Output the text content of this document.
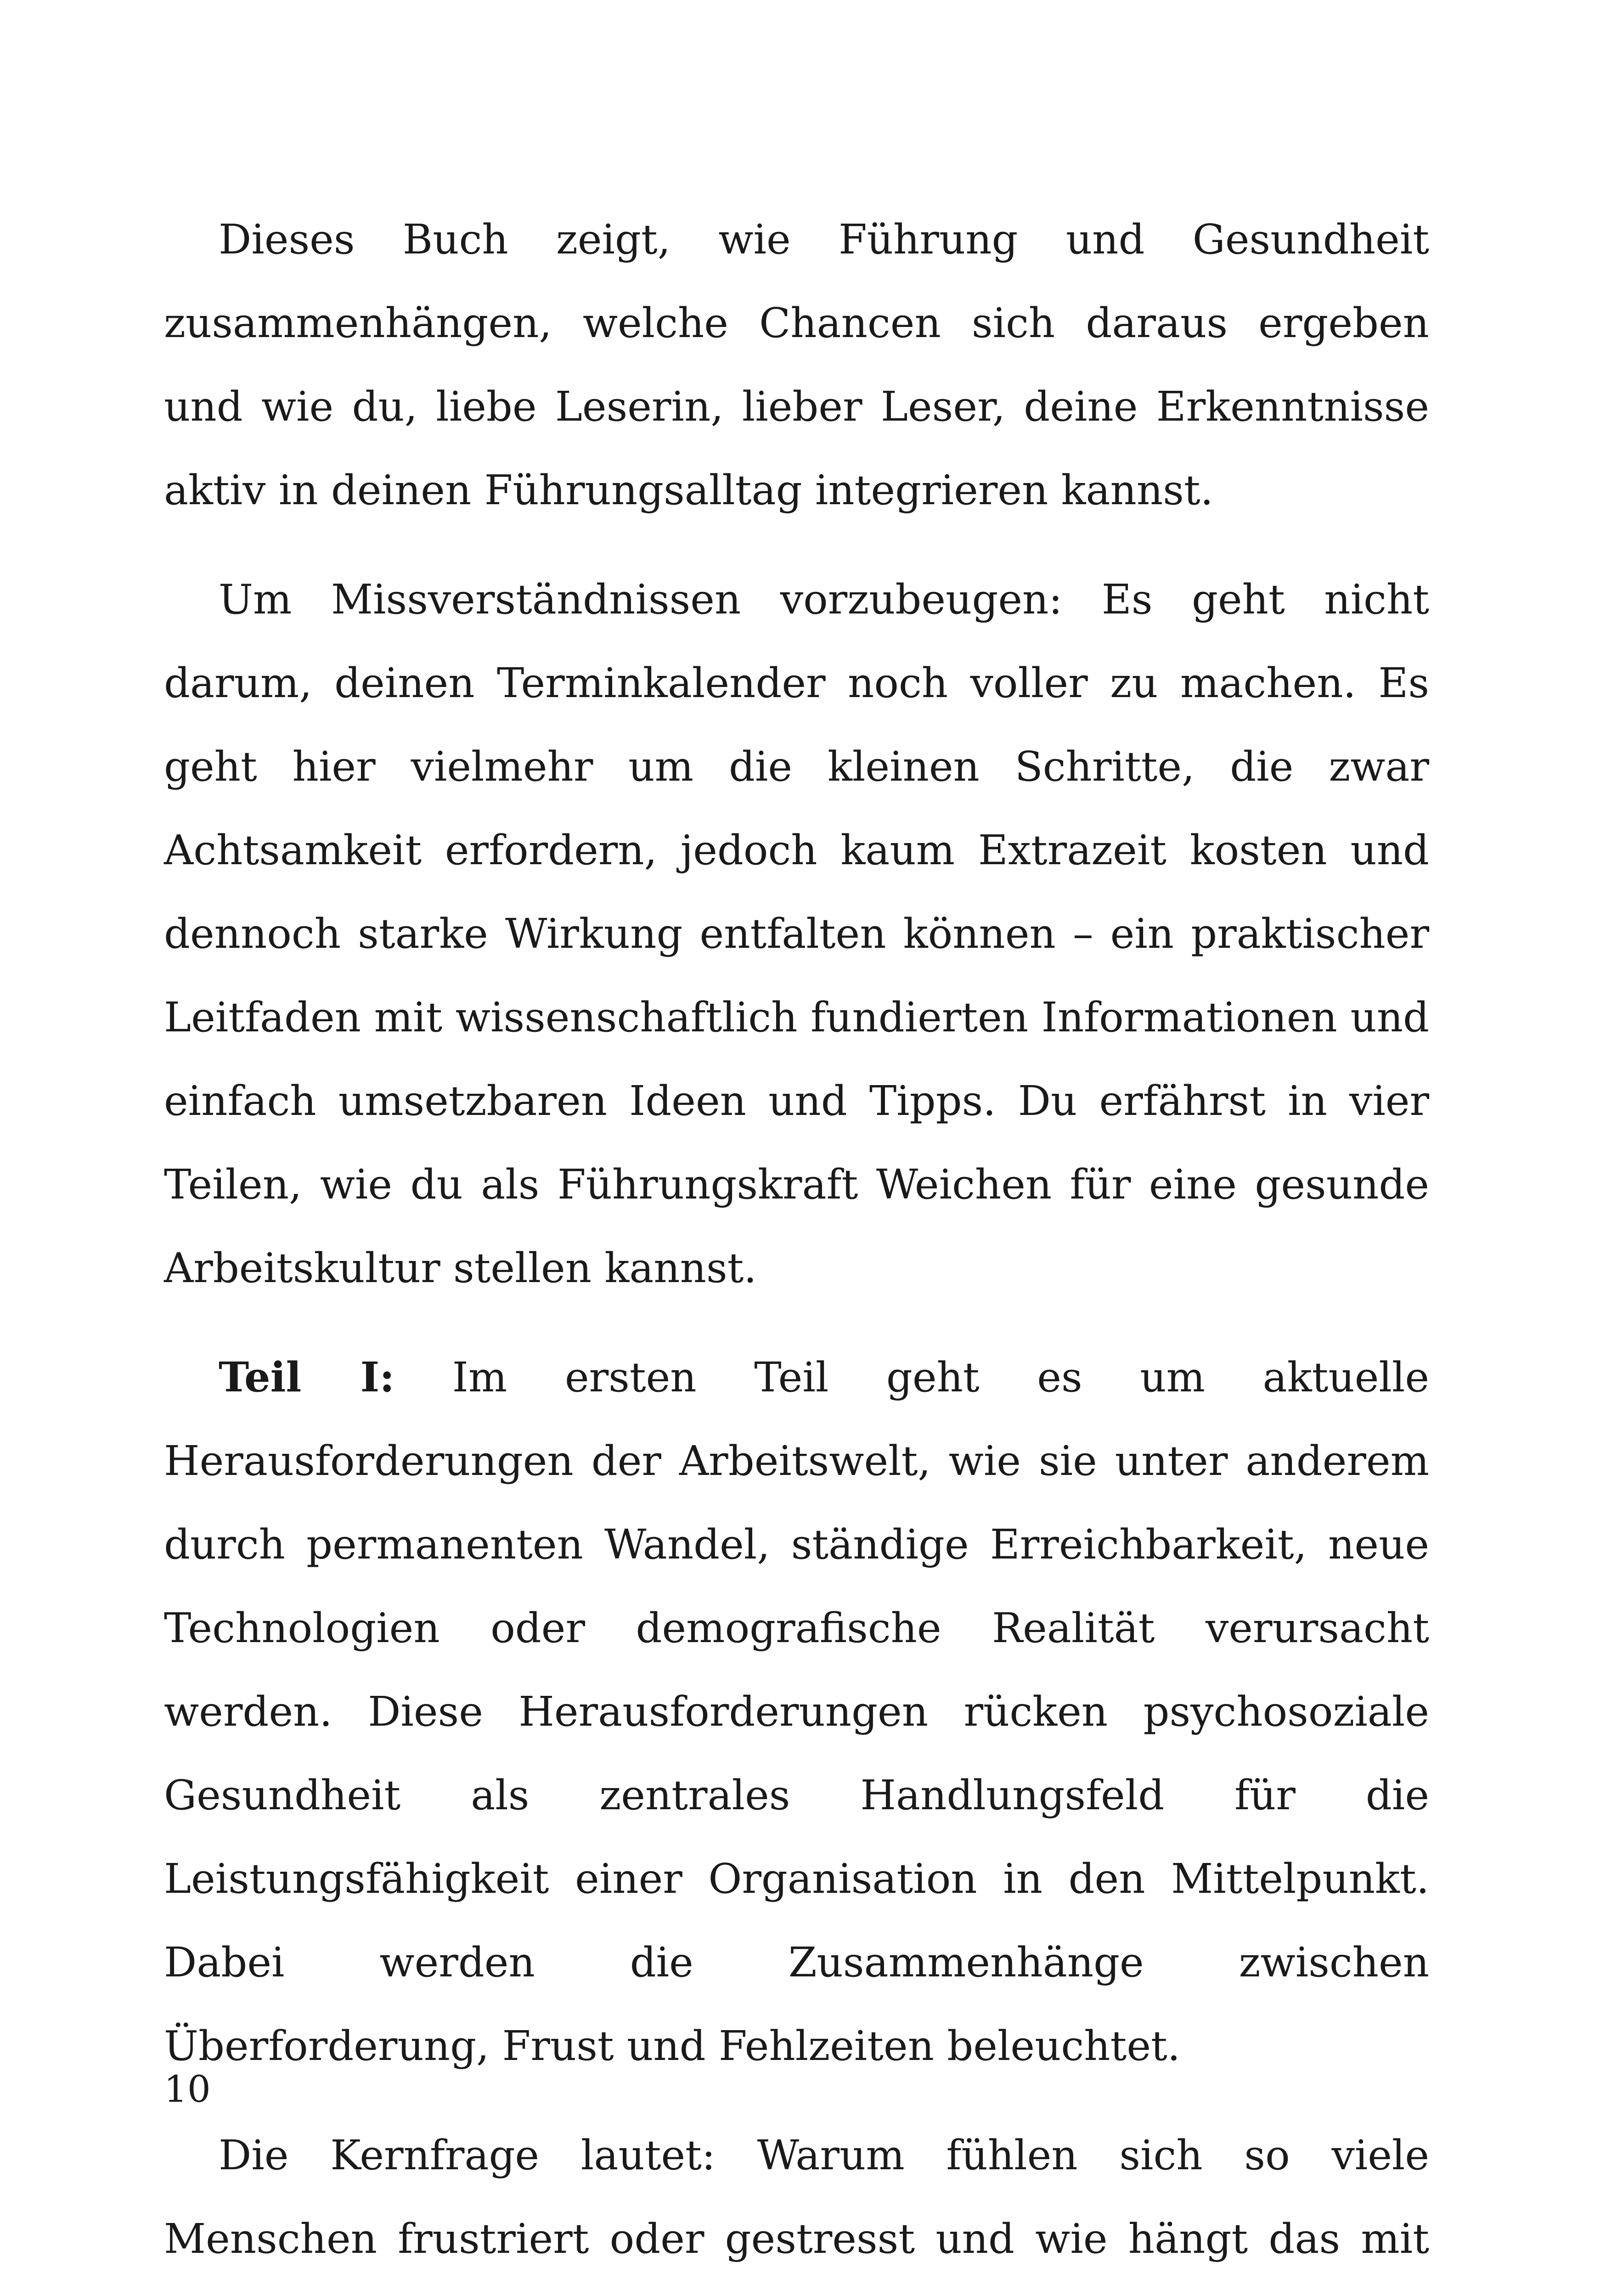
Dieses Buch zeigt, wie Führung und Gesundheit zusammenhängen, welche Chancen sich daraus ergeben und wie du, liebe Leserin, lieber Leser, deine Erkenntnisse aktiv in deinen Führungsalltag integrieren kannst.

Um Missverständnissen vorzubeugen: Es geht nicht darum, deinen Terminkalender noch voller zu machen. Es geht hier vielmehr um die kleinen Schritte, die zwar Achtsamkeit erfordern, jedoch kaum Extrazeit kosten und dennoch starke Wirkung entfalten können – ein praktischer Leitfaden mit wissenschaftlich fundierten Informationen und einfach umsetzbaren Ideen und Tipps. Du erfährst in vier Teilen, wie du als Führungskraft Weichen für eine gesunde Arbeitskultur stellen kannst.

Teil I: Im ersten Teil geht es um aktuelle Herausforderungen der Arbeitswelt, wie sie unter anderem durch permanenten Wandel, ständige Erreichbarkeit, neue Technologien oder demografische Realität verursacht werden. Diese Herausforderungen rücken psychosoziale Gesundheit als zentrales Handlungsfeld für die Leistungsfähigkeit einer Organisation in den Mittelpunkt. Dabei werden die Zusammenhänge zwischen Überforderung, Frust und Fehlzeiten beleuchtet.

Die Kernfrage lautet: Warum fühlen sich so viele Menschen frustriert oder gestresst und wie hängt das mit

10
